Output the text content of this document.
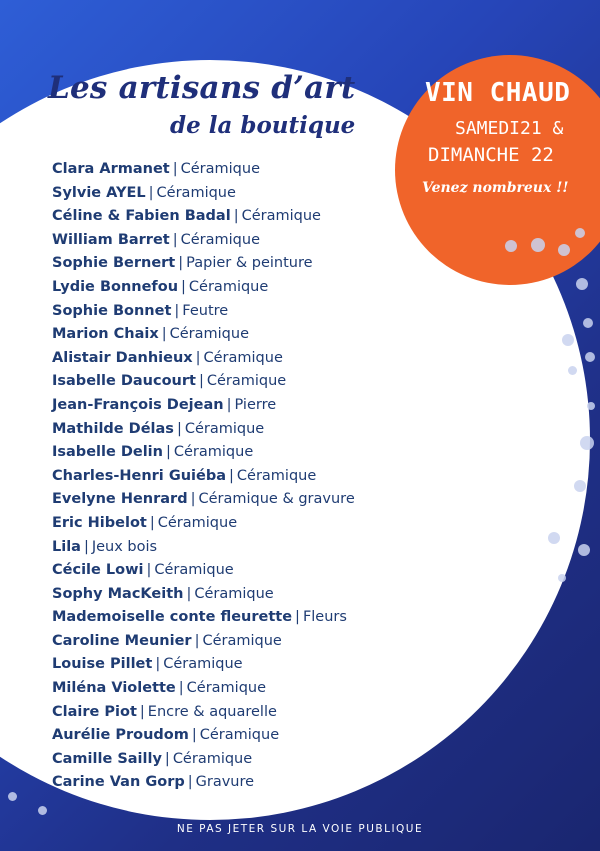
Les artisans d’art
de la boutique
Clara Armanet | Céramique
Sylvie AYEL | Céramique
Céline & Fabien Badal | Céramique
William Barret | Céramique
Sophie Bernert | Papier & peinture
Lydie Bonnefou | Céramique
Sophie Bonnet | Feutre
Marion Chaix | Céramique
Alistair Danhieux | Céramique
Isabelle Daucourt | Céramique
Jean-François Dejean | Pierre
Mathilde Délas | Céramique
Isabelle Delin | Céramique
Charles-Henri Guiéba | Céramique
Evelyne Henrard | Céramique & gravure
Eric Hibelot | Céramique
Lila | Jeux bois
Cécile Lowi | Céramique
Sophy MacKeith | Céramique
Mademoiselle conte fleurette | Fleurs
Caroline Meunier | Céramique
Louise Pillet | Céramique
Miléna Violette | Céramique
Claire Piot | Encre & aquarelle
Aurélie Proudom | Céramique
Camille Sailly | Céramique
Carine Van Gorp | Gravure
VIN CHAUD
SAMEDI21 &
DIMANCHE 22
Venez nombreux !!
NE PAS JETER SUR LA VOIE PUBLIQUE
